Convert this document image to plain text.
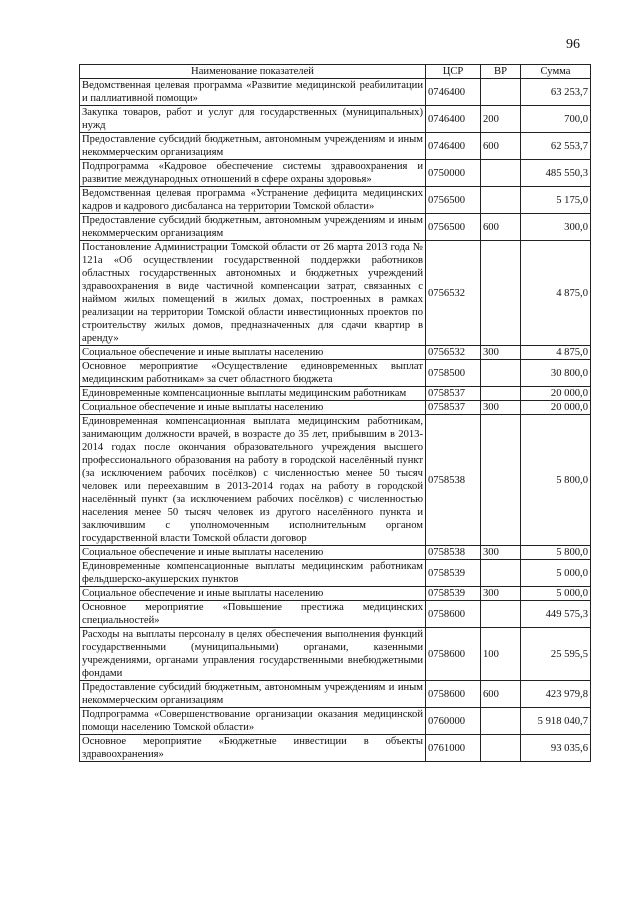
96
Наименование показателей	ЦСР	ВР	Сумма
Ведомственная целевая программа «Развитие медицинской реабилитации и паллиативной помощи»	0746400		63 253,7
Закупка товаров, работ и услуг для государственных (муниципальных) нужд	0746400	200	700,0
Предоставление субсидий бюджетным, автономным учреждениям и иным некоммерческим организациям	0746400	600	62 553,7
Подпрограмма «Кадровое обеспечение системы здравоохранения и развитие международных отношений в сфере охраны здоровья»	0750000		485 550,3
Ведомственная целевая программа «Устранение дефицита медицинских кадров и кадрового дисбаланса на территории Томской области»	0756500		5 175,0
Предоставление субсидий бюджетным, автономным учреждениям и иным некоммерческим организациям	0756500	600	300,0
Постановление Администрации Томской области от 26 марта 2013 года № 121а «Об осуществлении государственной поддержки работников областных государственных автономных и бюджетных учреждений здравоохранения в виде частичной компенсации затрат, связанных с наймом жилых помещений в жилых домах, построенных в рамках реализации на территории Томской области инвестиционных проектов по строительству жилых домов, предназначенных для сдачи квартир в аренду»	0756532		4 875,0
Социальное обеспечение и иные выплаты населению	0756532	300	4 875,0
Основное мероприятие «Осуществление единовременных выплат медицинским работникам» за счет областного бюджета	0758500		30 800,0
Единовременные компенсационные выплаты медицинским работникам	0758537		20 000,0
Социальное обеспечение и иные выплаты населению	0758537	300	20 000,0
Единовременная компенсационная выплата медицинским работникам, занимающим должности врачей, в возрасте до 35 лет, прибывшим в 2013-2014 годах после окончания образовательного учреждения высшего профессионального образования на работу в городской населённый пункт (за исключением рабочих посёлков) с численностью менее 50 тысяч человек или переехавшим в 2013-2014 годах на работу в городской населённый пункт (за исключением рабочих посёлков) с численностью населения менее 50 тысяч человек из другого населённого пункта и заключившим с уполномоченным исполнительным органом государственной власти Томской области договор	0758538		5 800,0
Социальное обеспечение и иные выплаты населению	0758538	300	5 800,0
Единовременные компенсационные выплаты медицинским работникам фельдшерско-акушерских пунктов	0758539		5 000,0
Социальное обеспечение и иные выплаты населению	0758539	300	5 000,0
Основное мероприятие «Повышение престижа медицинских специальностей»	0758600		449 575,3
Расходы на выплаты персоналу в целях обеспечения выполнения функций государственными (муниципальными) органами, казенными учреждениями, органами управления государственными внебюджетными фондами	0758600	100	25 595,5
Предоставление субсидий бюджетным, автономным учреждениям и иным некоммерческим организациям	0758600	600	423 979,8
Подпрограмма «Совершенствование организации оказания медицинской помощи населению Томской области»	0760000		5 918 040,7
Основное мероприятие «Бюджетные инвестиции в объекты здравоохранения»	0761000		93 035,6
